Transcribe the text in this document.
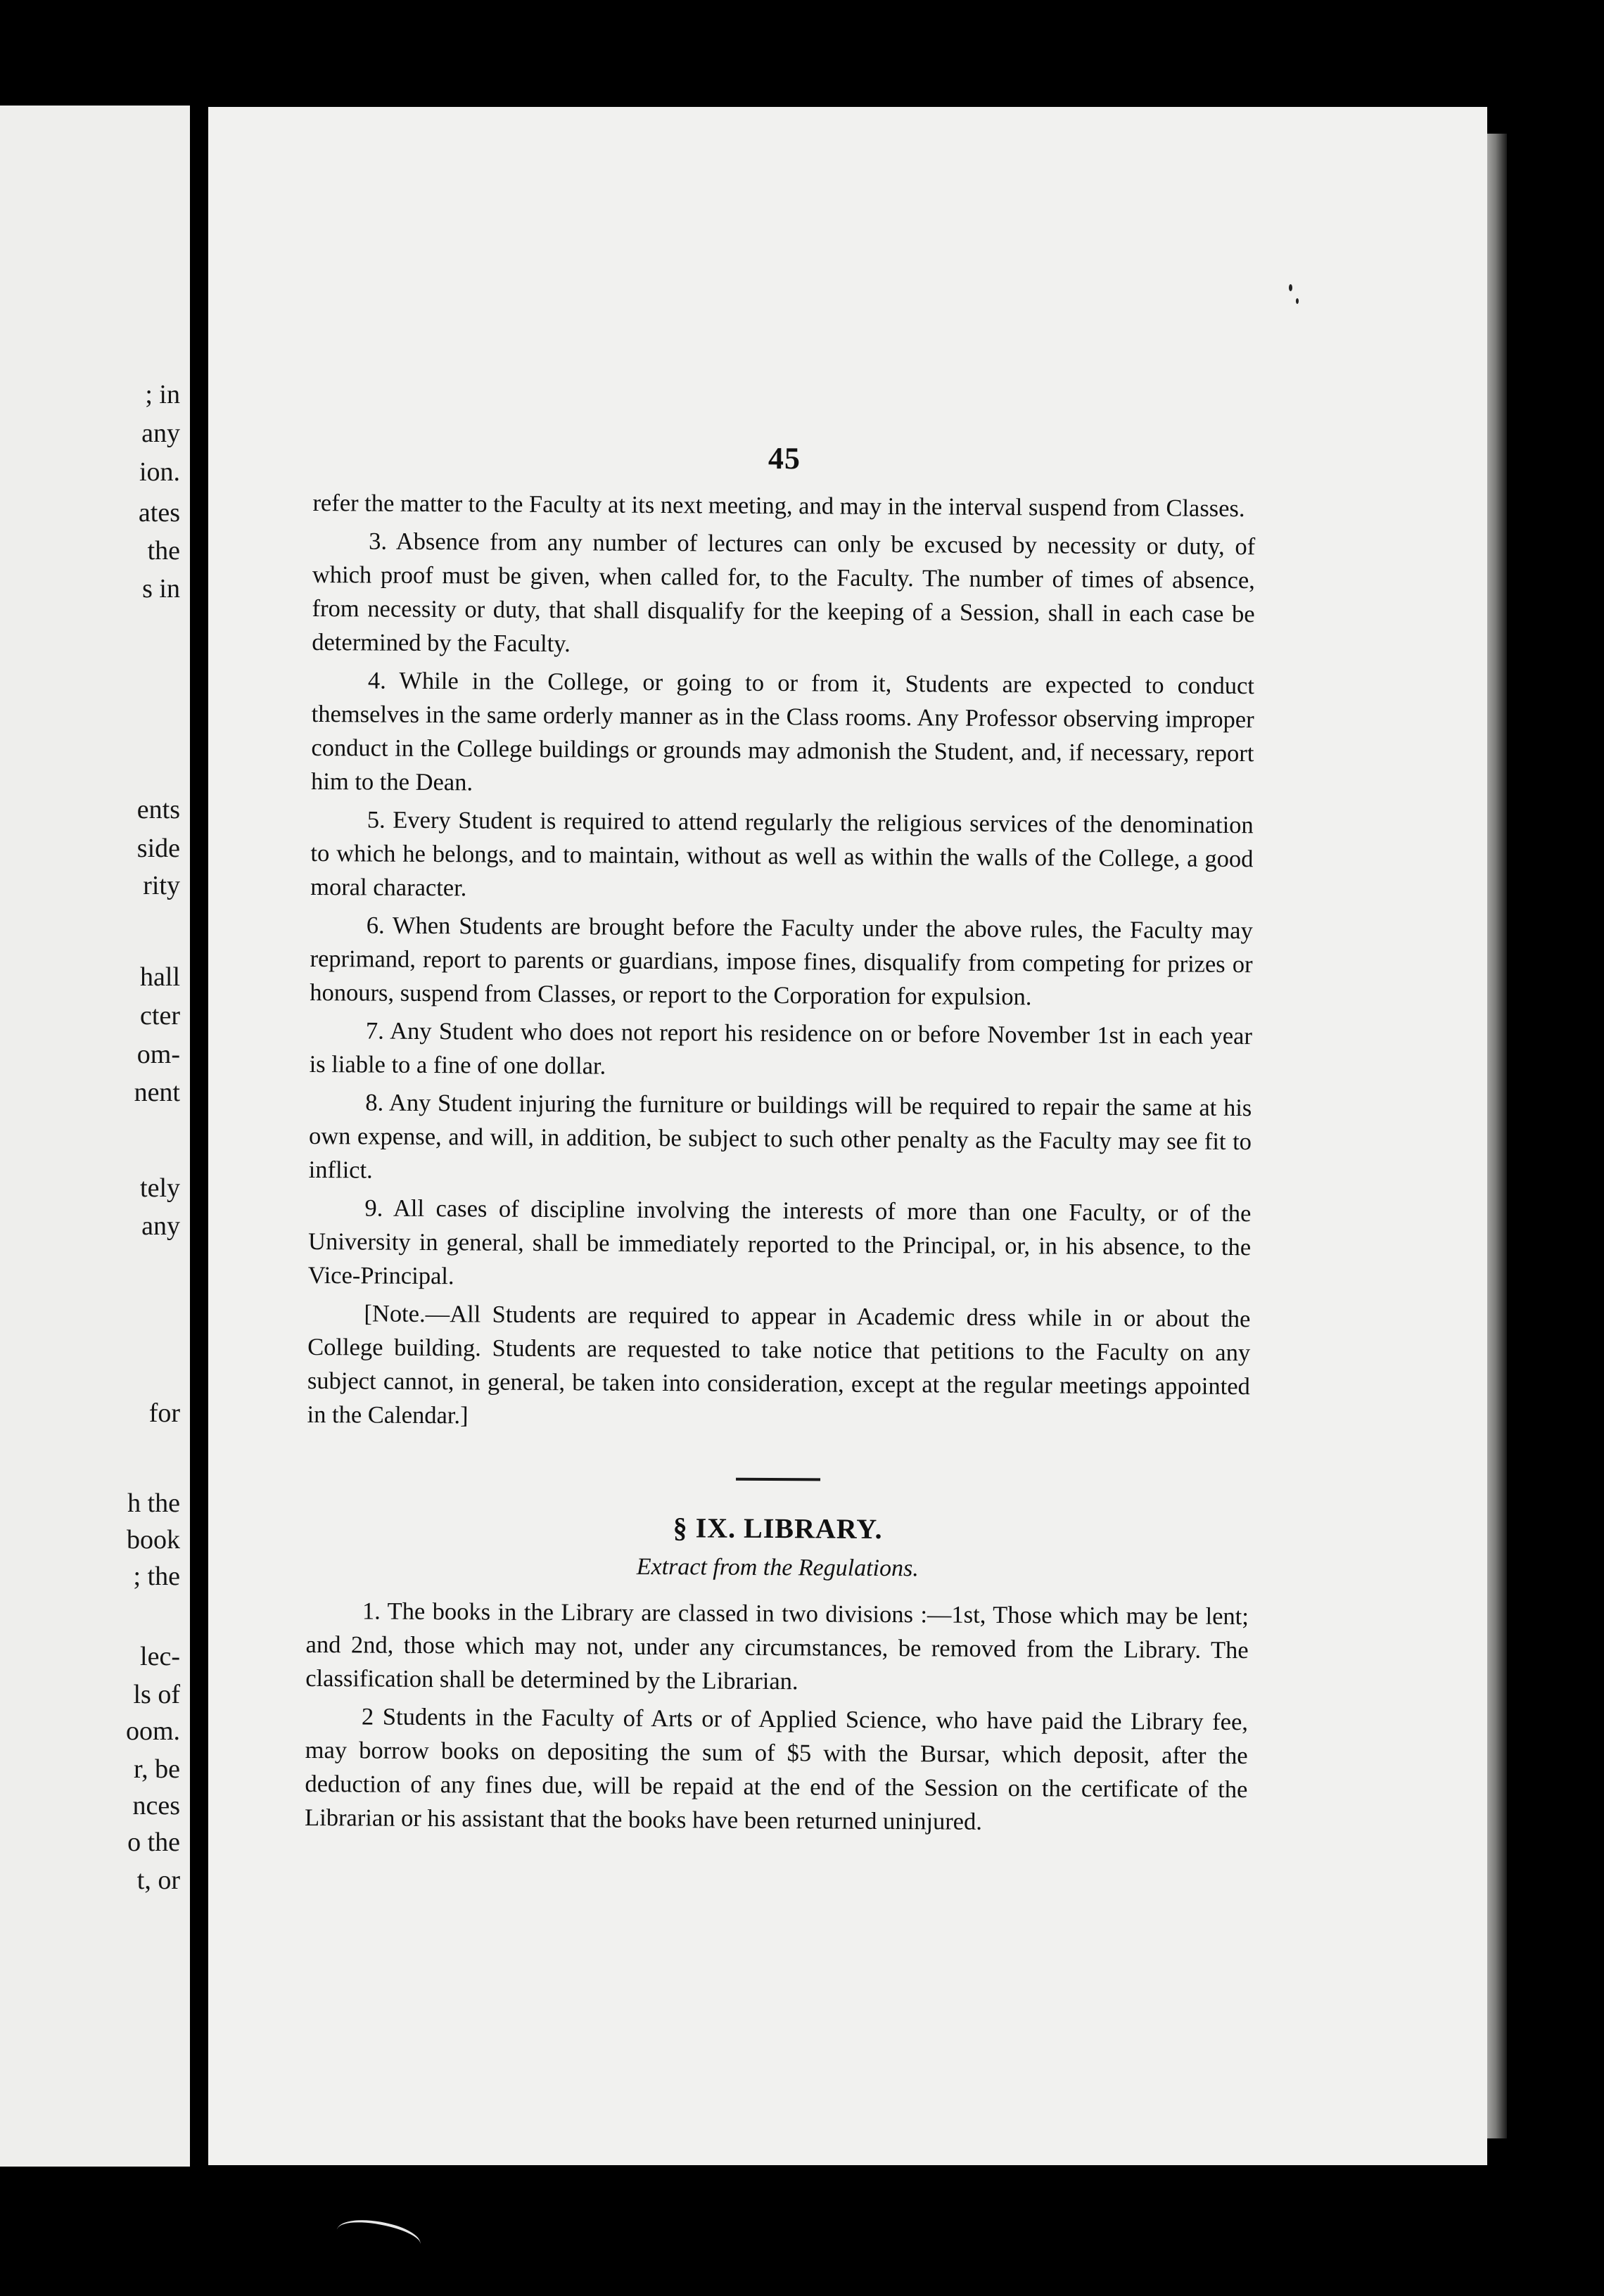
; in
any
ion.
ates
the
s in
ents
side
rity
hall
cter
om-
nent
tely
any
for
h the
book
; the
lec-
ls of
oom.
r, be
nces
o the
t, or
45

refer the matter to the Faculty at its next meeting, and may in the interval suspend from Classes.

3. Absence from any number of lectures can only be excused by necessity or duty, of which proof must be given, when called for, to the Faculty. The number of times of absence, from necessity or duty, that shall disqualify for the keeping of a Session, shall in each case be determined by the Faculty.

4. While in the College, or going to or from it, Students are expected to conduct themselves in the same orderly manner as in the Class rooms. Any Professor observing improper conduct in the College buildings or grounds may admonish the Student, and, if necessary, report him to the Dean.

5. Every Student is required to attend regularly the religious services of the denomination to which he belongs, and to maintain, without as well as within the walls of the College, a good moral character.

6. When Students are brought before the Faculty under the above rules, the Faculty may reprimand, report to parents or guardians, impose fines, disqualify from competing for prizes or honours, suspend from Classes, or report to the Corporation for expulsion.

7. Any Student who does not report his residence on or before November 1st in each year is liable to a fine of one dollar.

8. Any Student injuring the furniture or buildings will be required to repair the same at his own expense, and will, in addition, be subject to such other penalty as the Faculty may see fit to inflict.

9. All cases of discipline involving the interests of more than one Faculty, or of the University in general, shall be immediately reported to the Principal, or, in his absence, to the Vice-Principal.

[Note.—All Students are required to appear in Academic dress while in or about the College building. Students are requested to take notice that petitions to the Faculty on any subject cannot, in general, be taken into consideration, except at the regular meetings appointed in the Calendar.]

§ IX. LIBRARY.
Extract from the Regulations.

1. The books in the Library are classed in two divisions :—1st, Those which may be lent; and 2nd, those which may not, under any circumstances, be removed from the Library. The classification shall be determined by the Librarian.

2 Students in the Faculty of Arts or of Applied Science, who have paid the Library fee, may borrow books on depositing the sum of $5 with the Bursar, which deposit, after the deduction of any fines due, will be repaid at the end of the Session on the certificate of the Librarian or his assistant that the books have been returned uninjured.
